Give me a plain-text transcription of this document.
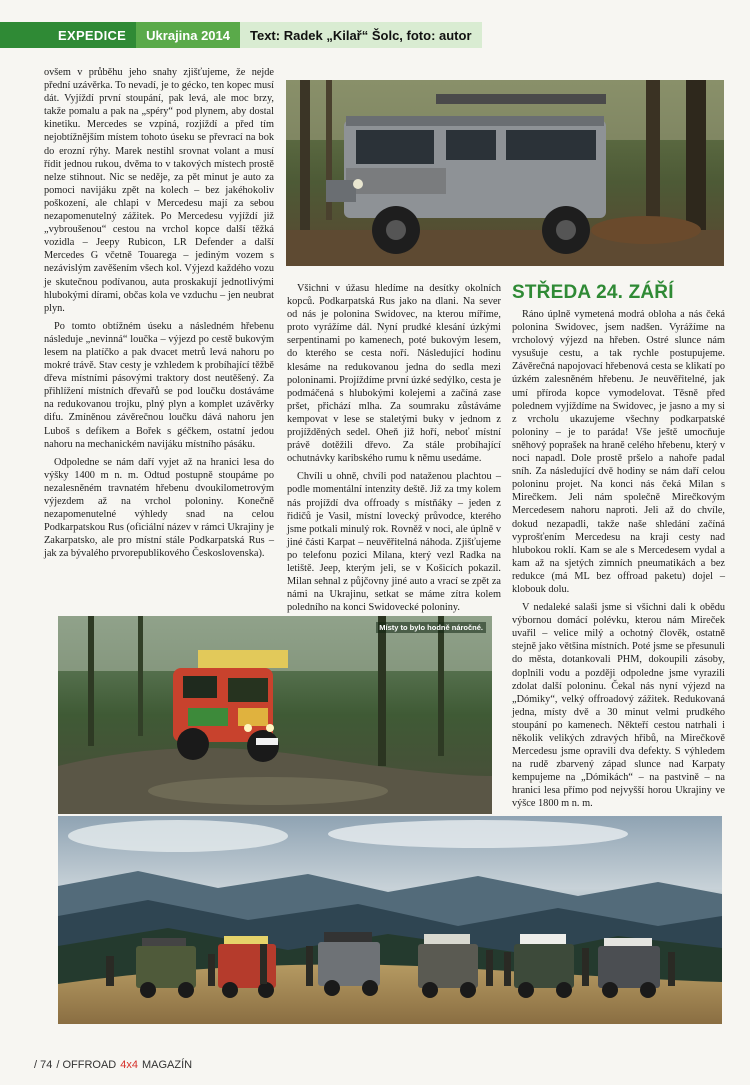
EXPEDICE	Ukrajina 2014	Text: Radek „Kilař“ Šolc, foto: autor

ovšem v průběhu jeho snahy zjišťujeme, že nejde přední uzávěrka. To nevadí, je to gécko, ten kopec musí dát. Vyjíždí první stoupání, pak levá, ale moc brzy, takže pomalu a pak na „spéry“ pod plynem, aby dostal kinetiku. Mercedes se vzpíná, rozjíždí a před tím nejobtížnějším místem tohoto úseku se převrací na bok do erozní rýhy. Marek nestihl srovnat volant a musí řídit jednou rukou, dvěma to v takových místech prostě nelze stihnout. Nic se neděje, za pět minut je auto za pomoci navijáku zpět na kolech – bez jakéhokoliv poškození, ale chlapi v Mercedesu mají za sebou nezapomenutelný zážitek. Po Mercedesu vyjíždí již „vybroušenou“ cestou na vrchol kopce další těžká vozidla – Jeepy Rubicon, LR Defender a další Mercedes G včetně Touarega – jediným vozem s nezávislým zavěšením všech kol. Výjezd každého vozu je skutečnou podívanou, auta proskakují jednotlivými hlubokými dírami, občas kola ve vzduchu – jen neubrat plyn.

Po tomto obtížném úseku a následném hřebenu následuje „nevinná“ loučka – výjezd po cestě bukovým lesem na platíčko a pak dvacet metrů levá nahoru po mokré trávě. Stav cesty je vzhledem k probíhající těžbě dřeva místními pásovými traktory dost neutěšený. Za přihlížení místních dřevařů se pod loučku dostáváme na redukovanou trojku, plný plyn a komplet uzávěrky difu. Zmíněnou závěrečnou loučku dává nahoru jen Luboš s defíkem a Bořek s géčkem, ostatní jedou nahoru na mechanickém navijáku místního pásáku.

Odpoledne se nám daří vyjet až na hranici lesa do výšky 1400 m n. m. Odtud postupně stoupáme po nezalesněném travnatém hřebenu dvoukilometrovým výjezdem až na vrchol poloniny. Konečně nezapomenutelné výhledy snad na celou Podkarpatskou Rus (oficiální název v rámci Ukrajiny je Zakarpatsko, ale pro místní stále Podkarpatská Rus – jak za bývalého prvorepublikového Československa).

Všichni v úžasu hledíme na desítky okolních kopců. Podkarpatská Rus jako na dlani. Na sever od nás je polonina Swidovec, na kterou míříme, proto vyrážíme dál. Nyní prudké klesání úzkými serpentinami po kamenech, poté bukovým lesem, do kterého se cesta noří. Následující hodinu klesáme na redukovanou jedna do sedla mezi poloninami. Projíždíme první úzké sedýlko, cesta je podmáčená s hlubokými kolejemi a začíná zase pršet, přichází mlha. Za soumraku zůstáváme kempovat v lese se staletými buky v jednom z projížděných sedel. Oheň již hoří, neboť místní právě dotěžili dřevo. Za stále probíhající ochutnávky karibského rumu k němu usedáme.

Chvíli u ohně, chvíli pod nataženou plachtou – podle momentální intenzity deště. Již za tmy kolem nás projíždí dva offroady s místňáky – jeden z řidičů je Vasil, místní lovecký průvodce, kterého jsme potkali minulý rok. Rovněž v noci, ale úplně v jiné části Karpat – neuvěřitelná náhoda. Zjišťujeme po telefonu pozici Milana, který vezl Radka na letiště. Jeep, kterým jeli, se v Košicích pokazil. Milan sehnal z půjčovny jiné auto a vrací se zpět za námi na Ukrajinu, setkat se máme zítra kolem poledního na konci Swidovecké poloniny.

STŘEDA 24. ZÁŘÍ

Ráno úplně vymetená modrá obloha a nás čeká polonina Swidovec, jsem nadšen. Vyrážíme na vrcholový výjezd na hřeben. Ostré slunce nám vysušuje cestu, a tak rychle postupujeme. Závěrečná napojovací hřebenová cesta se klikatí po úzkém zalesněném hřebenu. Je neuvěřitelné, jak umí příroda kopce vymodelovat. Těsně před polednem vyjíždíme na Swidovec, je jasno a my si z vrcholu ukazujeme všechny podkarpatské poloniny – je to paráda! Vše ještě umocňuje sněhový poprašek na hraně celého hřebenu, který v noci napadl. Dole prostě pršelo a nahoře padal sníh. Za následující dvě hodiny se nám daří celou poloninu projet. Na konci nás čeká Milan s Mirečkem. Jeli nám společně Mirečkovým Mercedesem nahoru naproti. Jeli až do chvíle, dokud nezapadli, takže naše shledání začíná vyprošťením Mercedesu na kraji cesty nad hlubokou roklí. Kam se ale s Mercedesem vydal a kam až na sjetých zimních pneumatikách a bez redukce (má ML bez offroad paketu) dojel – klobouk dolu.

V nedaleké salaši jsme si všichni dali k obědu výbornou domácí polévku, kterou nám Mireček uvařil – velice milý a ochotný člověk, ostatně stejně jako většina místních. Poté jsme se přesunuli do města, dotankovali PHM, dokoupili zásoby, doplnili vodu a později odpoledne jsme vyrazili zdolat další poloninu. Čekal nás nyní výjezd na „Dómiky“, velký offroadový zážitek. Redukovaná jedna, místy dvě a 30 minut velmi prudkého stoupání po kamenech. Někteří cestou natrhali i několik velikých zdravých hřibů, na Mirečkově Mercedesu jsme opravili dva defekty. S výhledem na rudě zbarvený západ slunce nad Karpaty kempujeme na „Dómikách“ – na pastvině – na hranici lesa přímo pod nejvyšší horou Ukrajiny ve výšce 1800 m n. m.

Místy to bylo hodně náročné.
/ 74 / OFFROAD 4x4 MAGAZÍN
